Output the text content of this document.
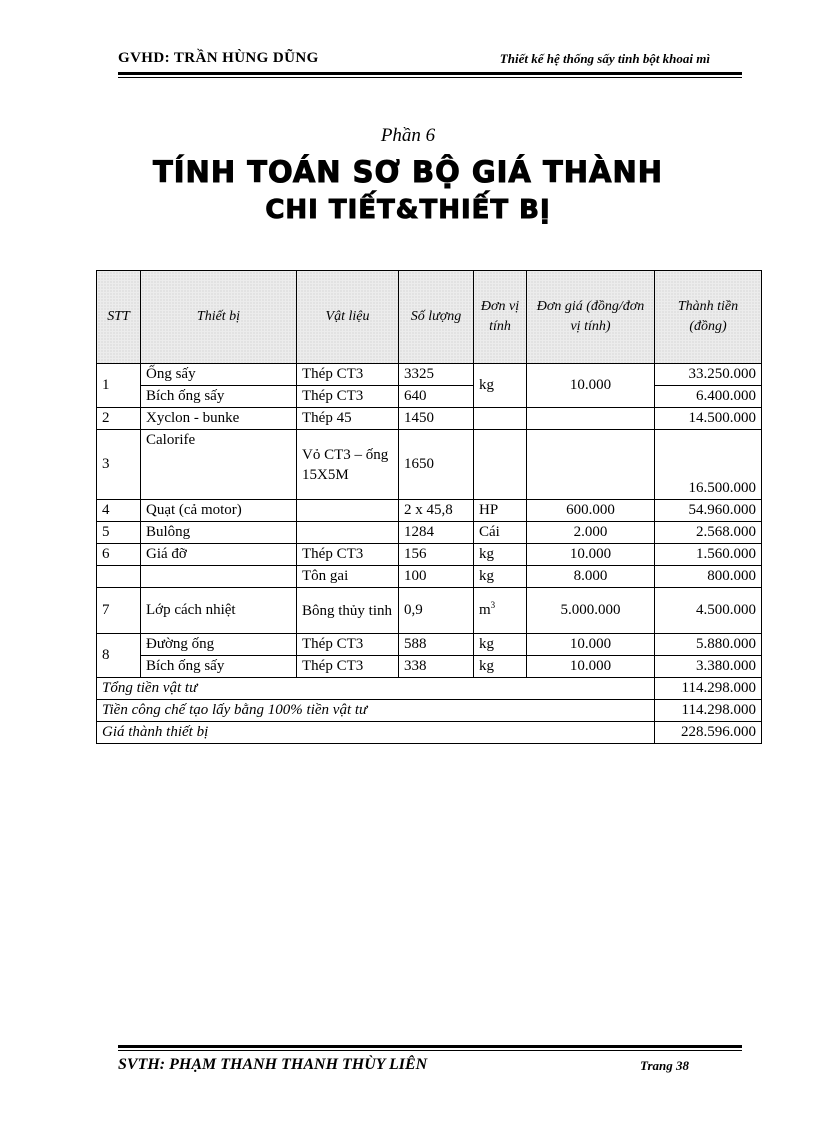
GVHD: TRẦN HÙNG DŨNG	Thiết kế hệ thống sấy tinh bột khoai mì
Phần 6
TÍNH TOÁN SƠ BỘ GIÁ THÀNH
CHI TIẾT&THIẾT BỊ
STT	Thiết bị	Vật liệu	Số lượng	Đơn vị tính	Đơn giá (đồng/đơn vị tính)	Thành tiền (đồng)
1	Ống sấy	Thép CT3	3325	kg	10.000	33.250.000
	Bích ống sấy	Thép CT3	640			6.400.000
2	Xyclon - bunke	Thép 45	1450			14.500.000
3	Calorife	Vỏ CT3 – ống 15X5M	1650			16.500.000
4	Quạt (cả motor)		2 x 45,8	HP	600.000	54.960.000
5	Bulông		1284	Cái	2.000	2.568.000
6	Giá đỡ	Thép CT3	156	kg	10.000	1.560.000
		Tôn gai	100	kg	8.000	800.000
7	Lớp cách nhiệt	Bông thủy tinh	0,9	$m^3$	5.000.000	4.500.000
8	Đường ống	Thép CT3	588	kg	10.000	5.880.000
	Bích ống sấy	Thép CT3	338	kg	10.000	3.380.000
Tổng tiền vật tư						114.298.000
Tiền công chế tạo lấy bằng 100% tiền vật tư						114.298.000
Giá thành thiết bị						228.596.000
SVTH: PHẠM THANH THANH THÙY LIÊN	Trang 38
